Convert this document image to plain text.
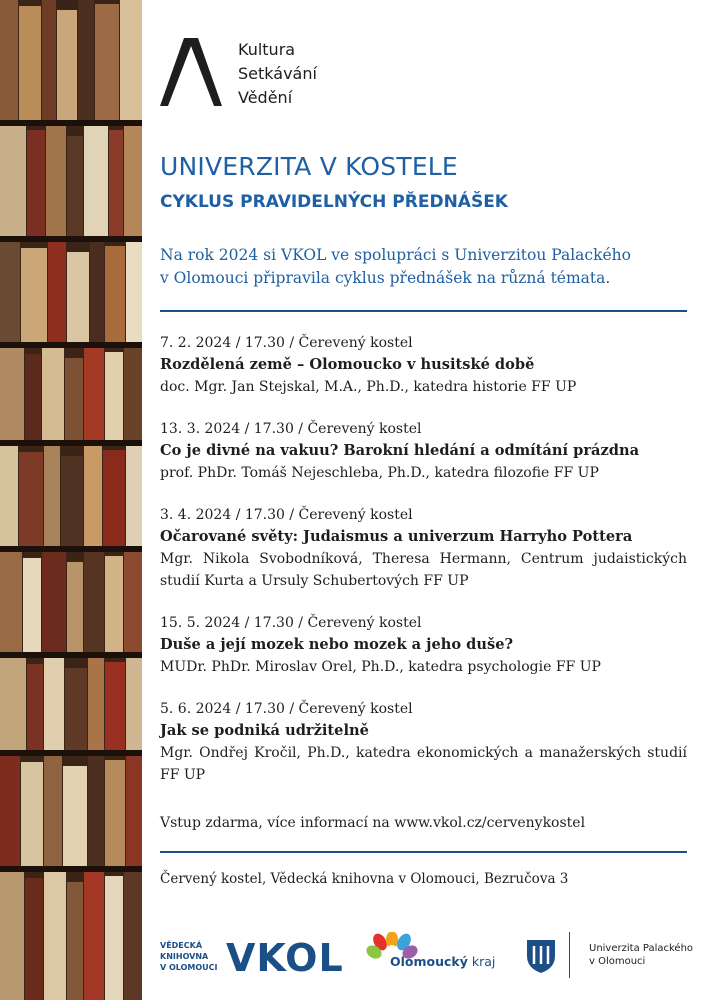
Kultura
Setkávání
Vědění
UNIVERZITA V KOSTELE
CYKLUS PRAVIDELNÝCH PŘEDNÁŠEK
Na rok 2024 si VKOL ve spolupráci s Univerzitou Palackého
v Olomouci připravila cyklus přednášek na různá témata.
7. 2. 2024 / 17.30 / Čerevený kostel
Rozdělená země – Olomoucko v husitské době
doc. Mgr. Jan Stejskal, M.A., Ph.D., katedra historie FF UP
13. 3. 2024 / 17.30 / Čerevený kostel
Co je divné na vakuu? Barokní hledání a odmítání prázdna
prof. PhDr. Tomáš Nejeschleba, Ph.D., katedra filozofie FF UP
3. 4. 2024 / 17.30 / Čerevený kostel
Očarované světy: Judaismus a univerzum Harryho Pottera
Mgr. Nikola Svobodníková, Theresa Hermann, Centrum judaistických studií Kurta a Ursuly Schubertových FF UP
15. 5. 2024 / 17.30 / Čerevený kostel
Duše a její mozek nebo mozek a jeho duše?
MUDr. PhDr. Miroslav Orel, Ph.D., katedra psychologie FF UP
5. 6. 2024 / 17.30 / Čerevený kostel
Jak se podniká udržitelně
Mgr. Ondřej Kročil, Ph.D., katedra ekonomických a manažerských studií FF UP
Vstup zdarma, více informací na www.vkol.cz/cervenykostel
Červený kostel, Vědecká knihovna v Olomouci, Bezručova 3
VĚDECKÁ
KNIHOVNA
V OLOMOUCI VKOL	Olomoucký kraj
Univerzita Palackého
v Olomouci
